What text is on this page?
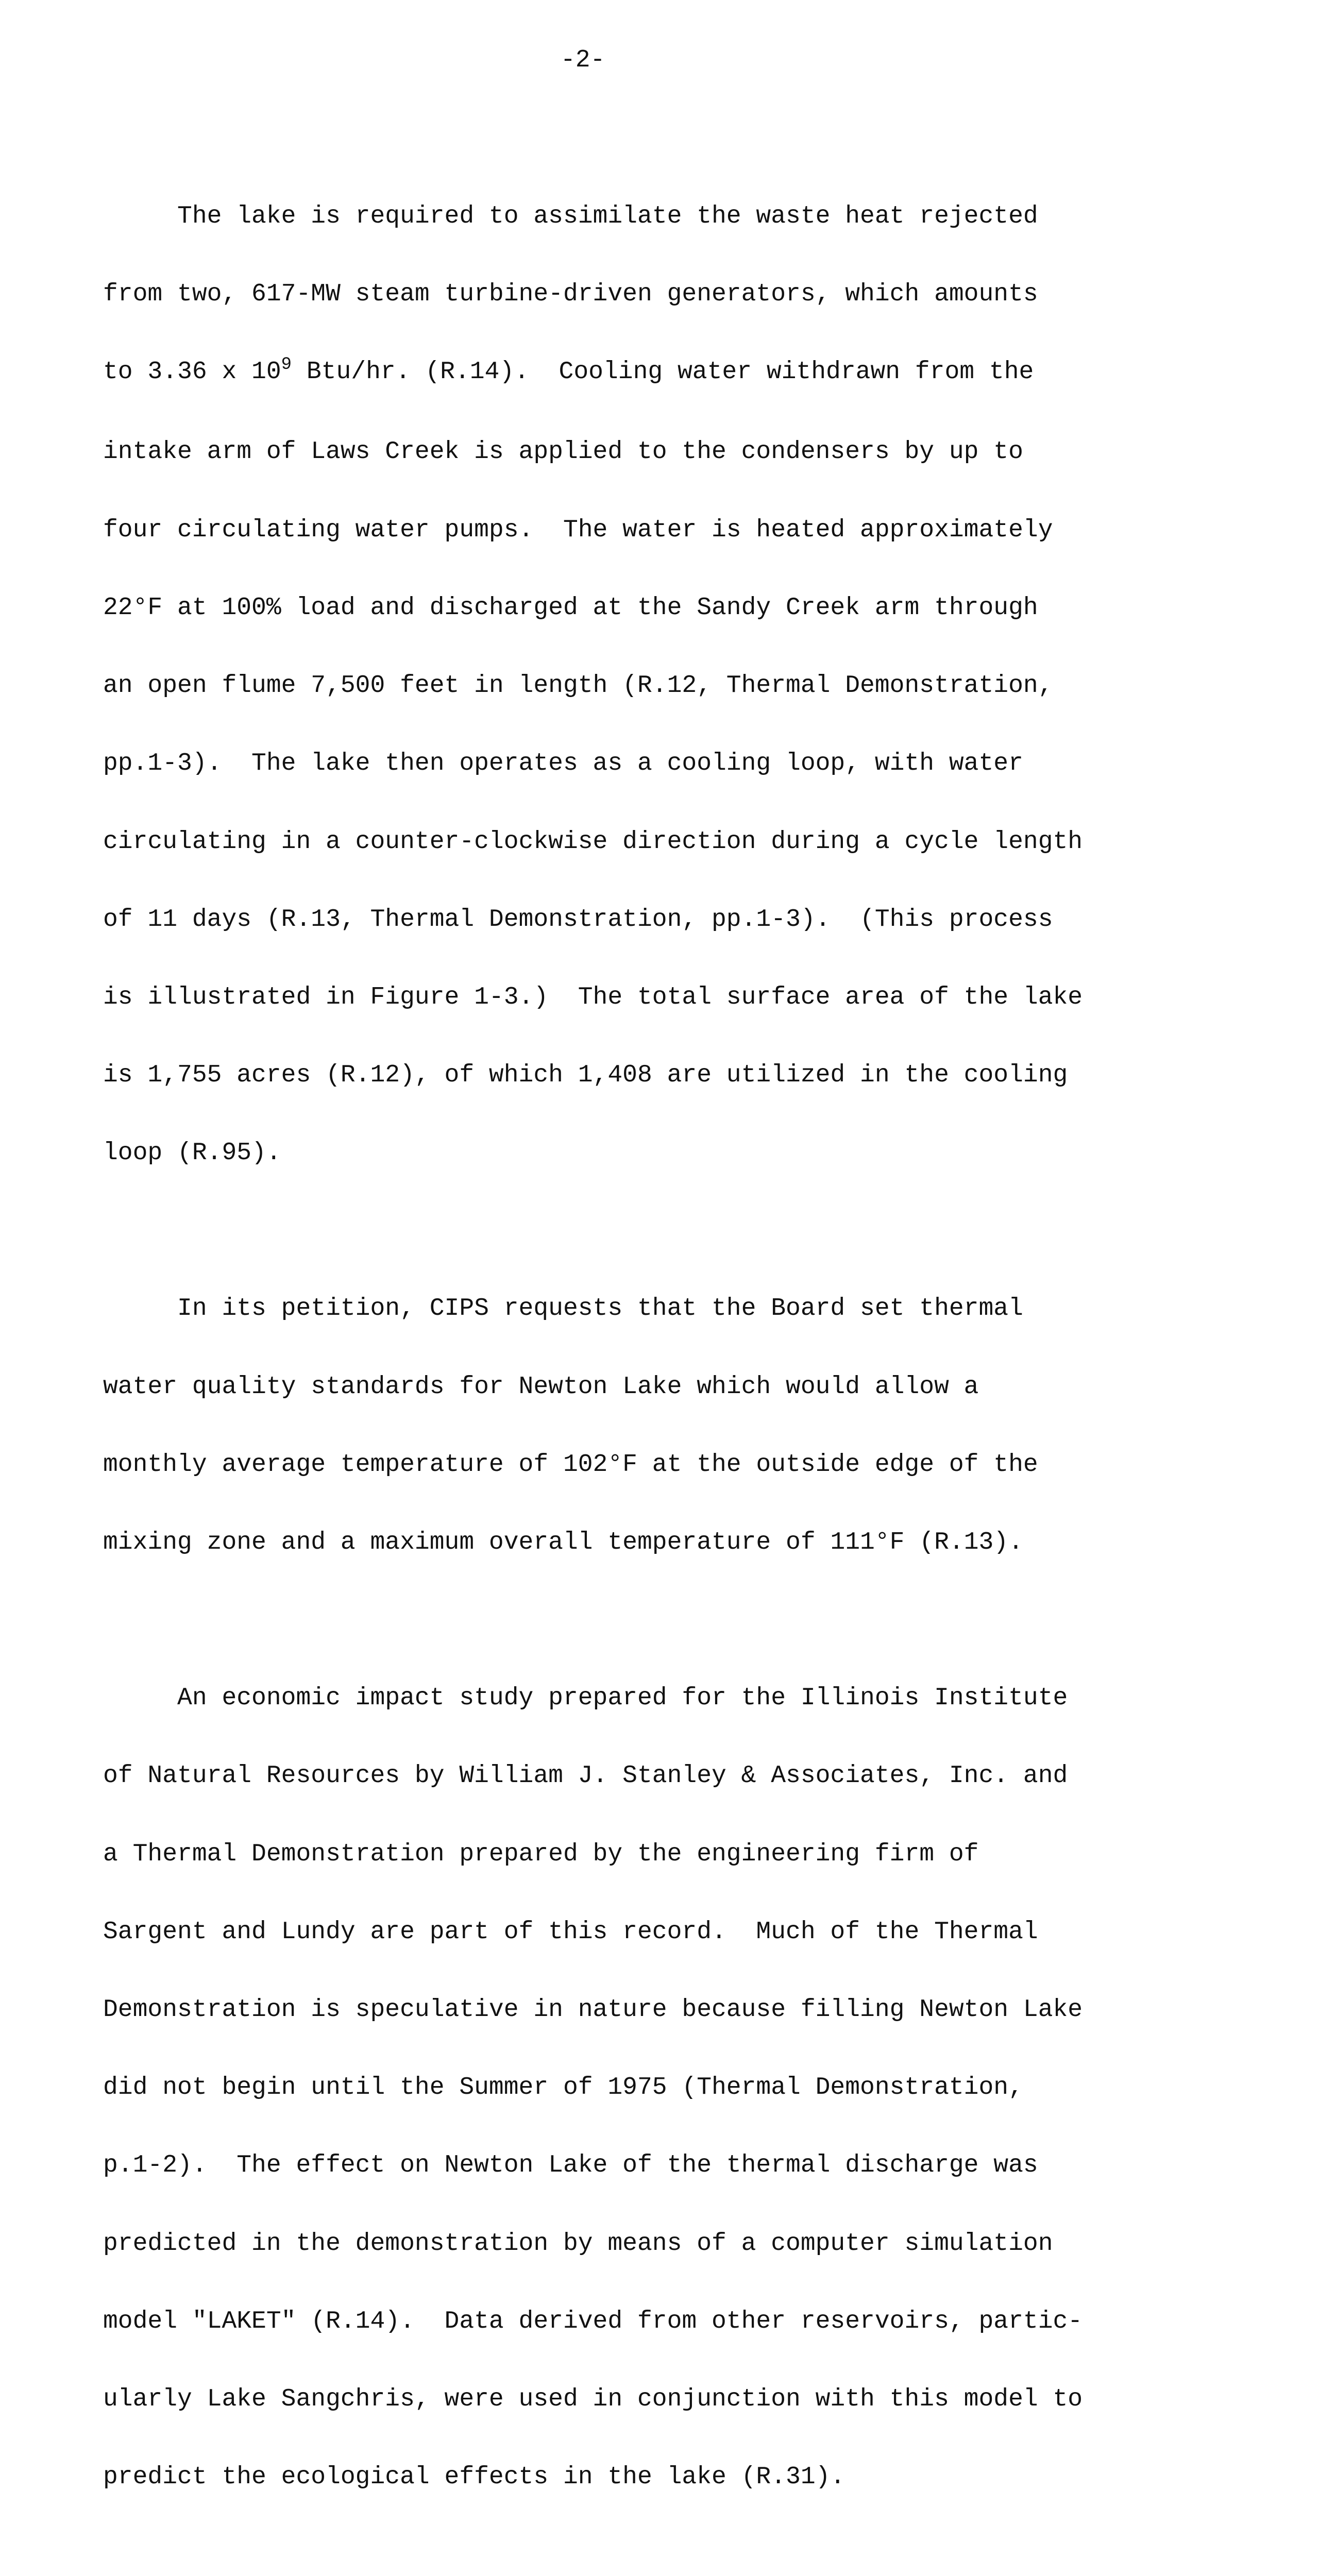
-2-

The lake is required to assimilate the waste heat rejected

from two, 617-MW steam turbine-driven generators, which amounts

to 3.36 x $10^9$ Btu/hr. (R.14).  Cooling water withdrawn from the

intake arm of Laws Creek is applied to the condensers by up to

four circulating water pumps.  The water is heated approximately

22°F at 100% load and discharged at the Sandy Creek arm through

an open flume 7,500 feet in length (R.12, Thermal Demonstration,

pp.1-3).  The lake then operates as a cooling loop, with water

circulating in a counter-clockwise direction during a cycle length

of 11 days (R.13, Thermal Demonstration, pp.1-3).  (This process

is illustrated in Figure 1-3.)  The total surface area of the lake

is 1,755 acres (R.12), of which 1,408 are utilized in the cooling

loop (R.95).

In its petition, CIPS requests that the Board set thermal

water quality standards for Newton Lake which would allow a

monthly average temperature of 102°F at the outside edge of the

mixing zone and a maximum overall temperature of 111°F (R.13).

An economic impact study prepared for the Illinois Institute

of Natural Resources by William J. Stanley & Associates, Inc. and

a Thermal Demonstration prepared by the engineering firm of

Sargent and Lundy are part of this record.  Much of the Thermal

Demonstration is speculative in nature because filling Newton Lake

did not begin until the Summer of 1975 (Thermal Demonstration,

p.1-2).  The effect on Newton Lake of the thermal discharge was

predicted in the demonstration by means of a computer simulation

model "LAKET" (R.14).  Data derived from other reservoirs, partic-

ularly Lake Sangchris, were used in conjunction with this model to

predict the ecological effects in the lake (R.31).
